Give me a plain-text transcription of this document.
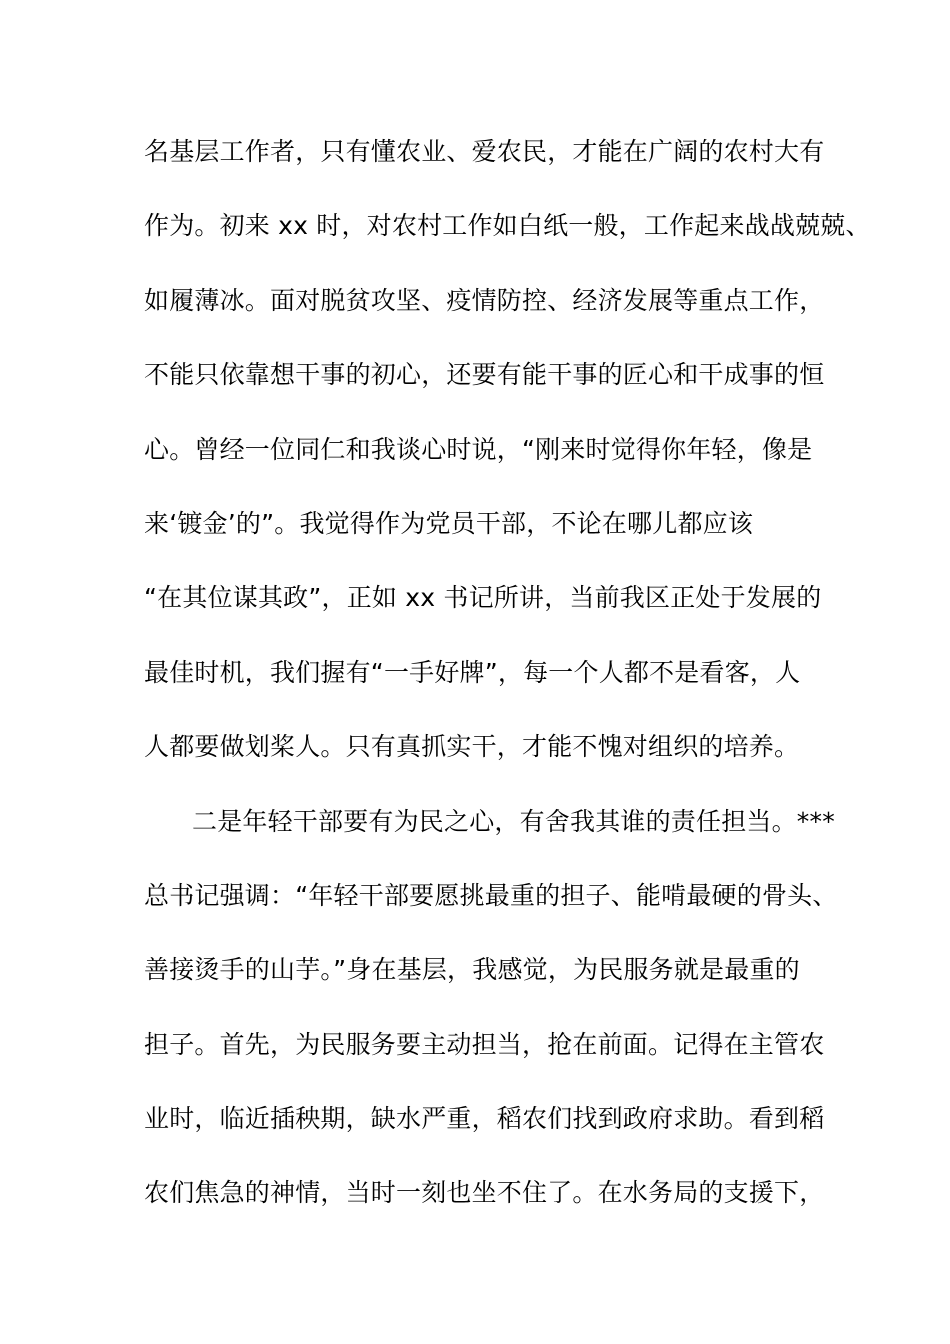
名基层工作者，只有懂农业、爱农民，才能在广阔的农村大有
作为。初来 xx 时，对农村工作如白纸一般，工作起来战战兢兢、
如履薄冰。面对脱贫攻坚、疫情防控、经济发展等重点工作，
不能只依靠想干事的初心，还要有能干事的匠心和干成事的恒
心。曾经一位同仁和我谈心时说，“刚来时觉得你年轻，像是
来‘镀金’的”。我觉得作为党员干部，不论在哪儿都应该
“在其位谋其政”，正如 xx 书记所讲，当前我区正处于发展的
最佳时机，我们握有“一手好牌”，每一个人都不是看客，人
人都要做划桨人。只有真抓实干，才能不愧对组织的培养。
二是年轻干部要有为民之心，有舍我其谁的责任担当。***
总书记强调：“年轻干部要愿挑最重的担子、能啃最硬的骨头、
善接烫手的山芋。”身在基层，我感觉，为民服务就是最重的
担子。首先，为民服务要主动担当，抢在前面。记得在主管农
业时，临近插秧期，缺水严重，稻农们找到政府求助。看到稻
农们焦急的神情，当时一刻也坐不住了。在水务局的支援下，
